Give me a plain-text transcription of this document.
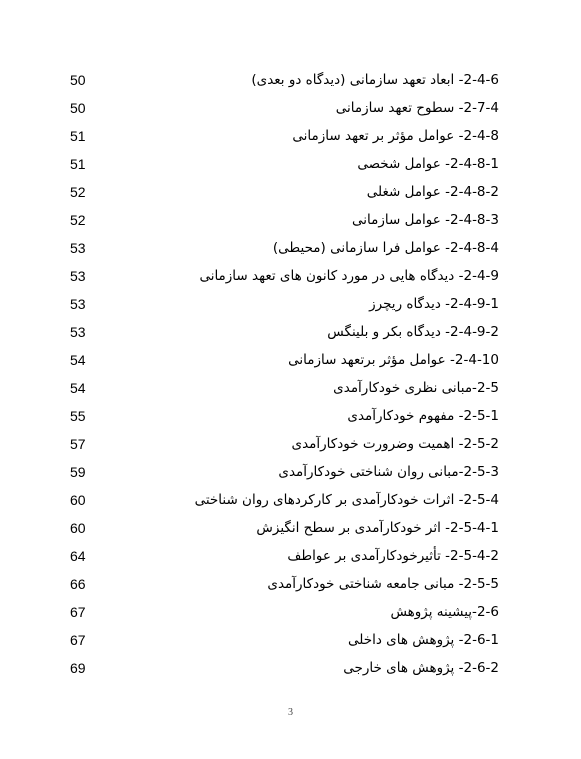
50	2-4-6- ابعاد تعهد سازمانی (دیدگاه دو بعدی)
50	2-7-4- سطوح تعهد سازمانی
51	2-4-8- عوامل مؤثر بر تعهد سازمانی
51	2-4-8-1- عوامل شخصی
52	2-4-8-2- عوامل شغلی
52	2-4-8-3- عوامل سازمانی
53	2-4-8-4- عوامل فرا سازمانی (محیطی)
53	2-4-9- دیدگاه هایی در مورد کانون های تعهد سازمانی
53	2-4-9-1- دیدگاه ریچرز
53	2-4-9-2- دیدگاه بکر و بلینگس
54	2-4-10- عوامل مؤثر برتعهد سازمانی
54	2-5-مبانی نظری خودکارآمدی
55	2-5-1- مفهوم خودکارآمدی
57	2-5-2- اهمیت وضرورت خودکارآمدی
59	2-5-3-مبانی روان شناختی خودکارآمدی
60	2-5-4- اثرات خودکارآمدی بر کارکردهای روان شناختی
60	2-5-4-1- اثر خودکارآمدی بر سطح انگیزش
64	2-5-4-2- تأثیرخودکارآمدی بر عواطف
66	2-5-5- مبانی جامعه شناختی خودکارآمدی
67	2-6-پیشینه پژوهش
67	2-6-1- پژوهش های داخلی
69	2-6-2- پژوهش های خارجی
3
